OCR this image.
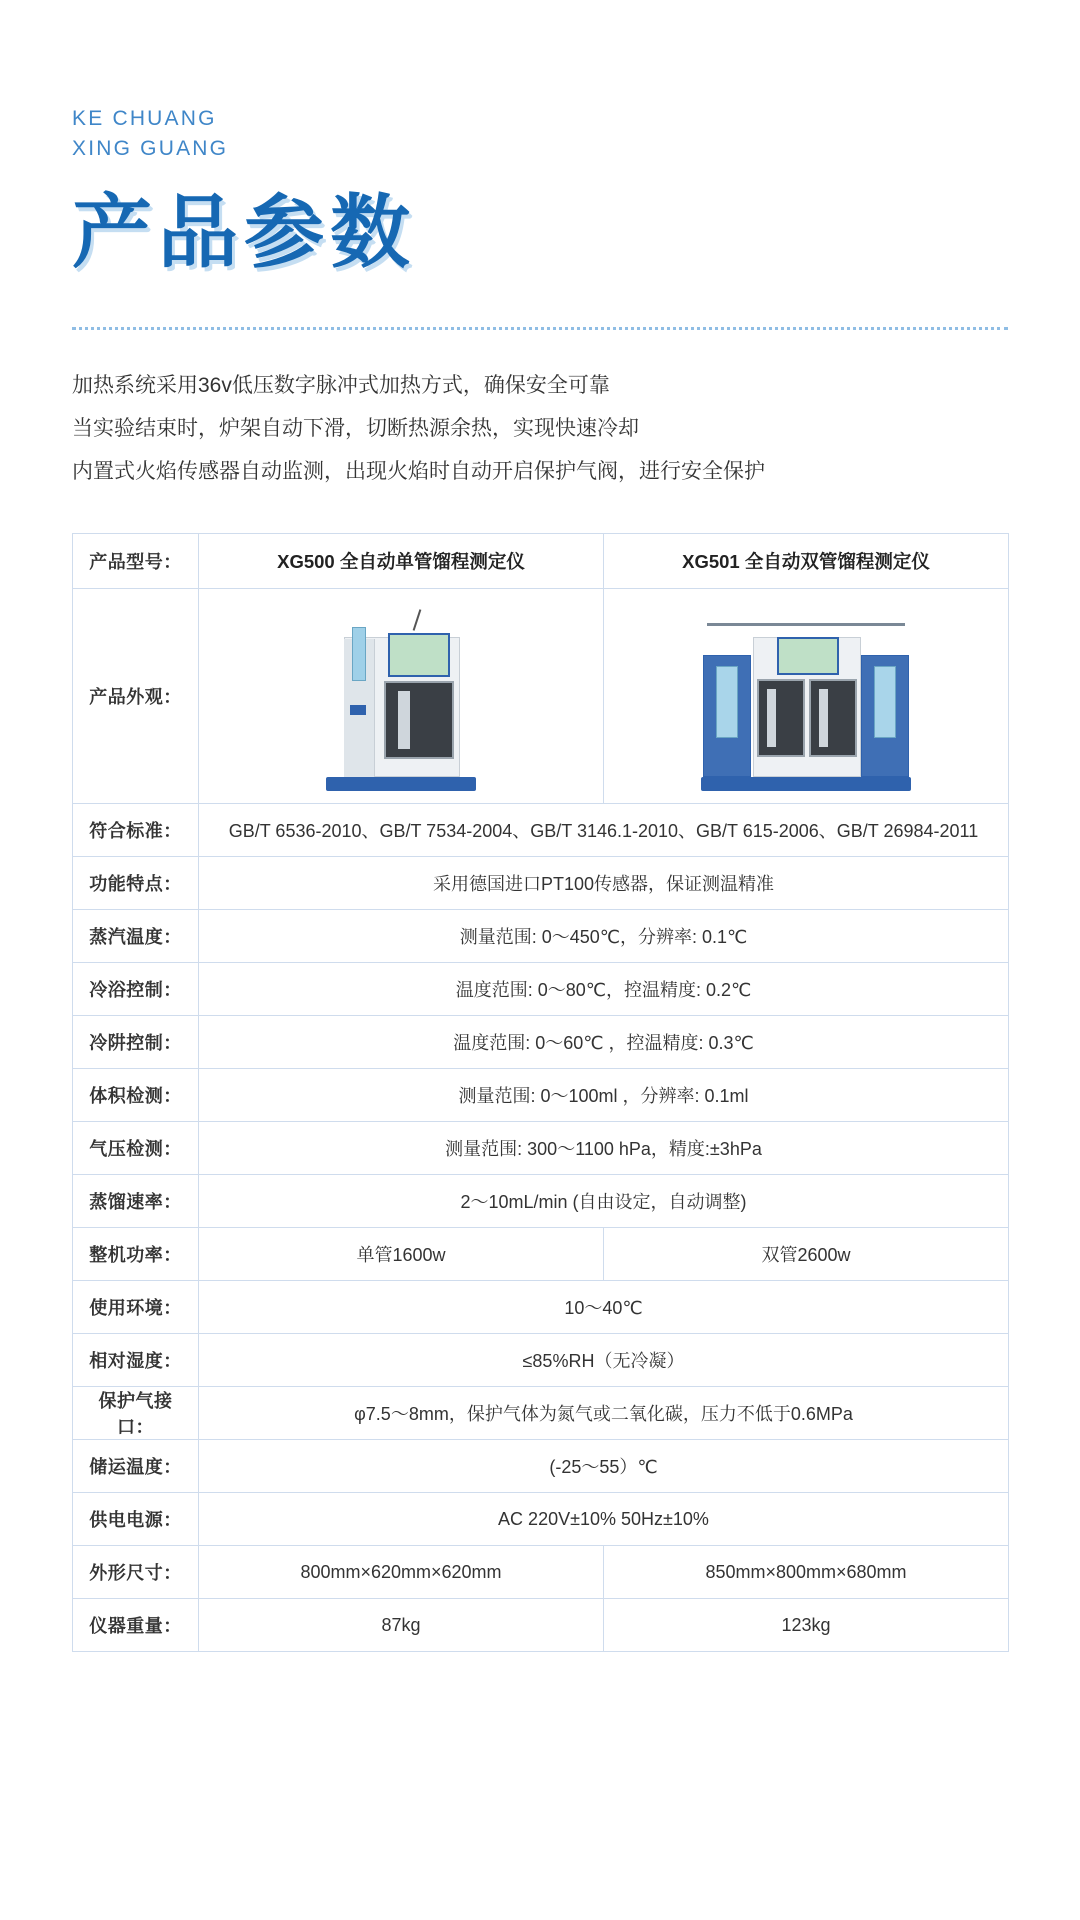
KE CHUANG
XING GUANG
产品参数
加热系统采用36v低压数字脉冲式加热方式，确保安全可靠
当实验结束时，炉架自动下滑，切断热源余热，实现快速冷却
内置式火焰传感器自动监测，出现火焰时自动开启保护气阀，进行安全保护
产品型号：	XG500 全自动单管馏程测定仪	XG501 全自动双管馏程测定仪
产品外观：	

符合标准：	GB/T 6536-2010、GB/T 7534-2004、GB/T 3146.1-2010、GB/T 615-2006、GB/T 26984-2011	
功能特点：	采用德国进口PT100传感器，保证测温精准	
蒸汽温度：	测量范围: 0～450℃，分辨率: 0.1℃	
冷浴控制：	温度范围: 0～80℃，控温精度: 0.2℃	
冷阱控制：	温度范围: 0～60℃ ，控温精度: 0.3℃	
体积检测：	测量范围: 0～100ml ，分辨率: 0.1ml	
气压检测：	测量范围: 300～1100 hPa，精度:±3hPa	
蒸馏速率：	2～10mL/min (自由设定，自动调整)	
整机功率：	单管1600w	双管2600w
使用环境：	10～40℃	
相对湿度：	≤85%RH（无冷凝）	
保护气接口：	φ7.5～8mm，保护气体为氮气或二氧化碳，压力不低于0.6MPa	
储运温度：	(-25～55）℃	
供电电源：	AC 220V±10% 50Hz±10%	
外形尺寸：	800mm×620mm×620mm	850mm×800mm×680mm
仪器重量：	87kg	123kg
